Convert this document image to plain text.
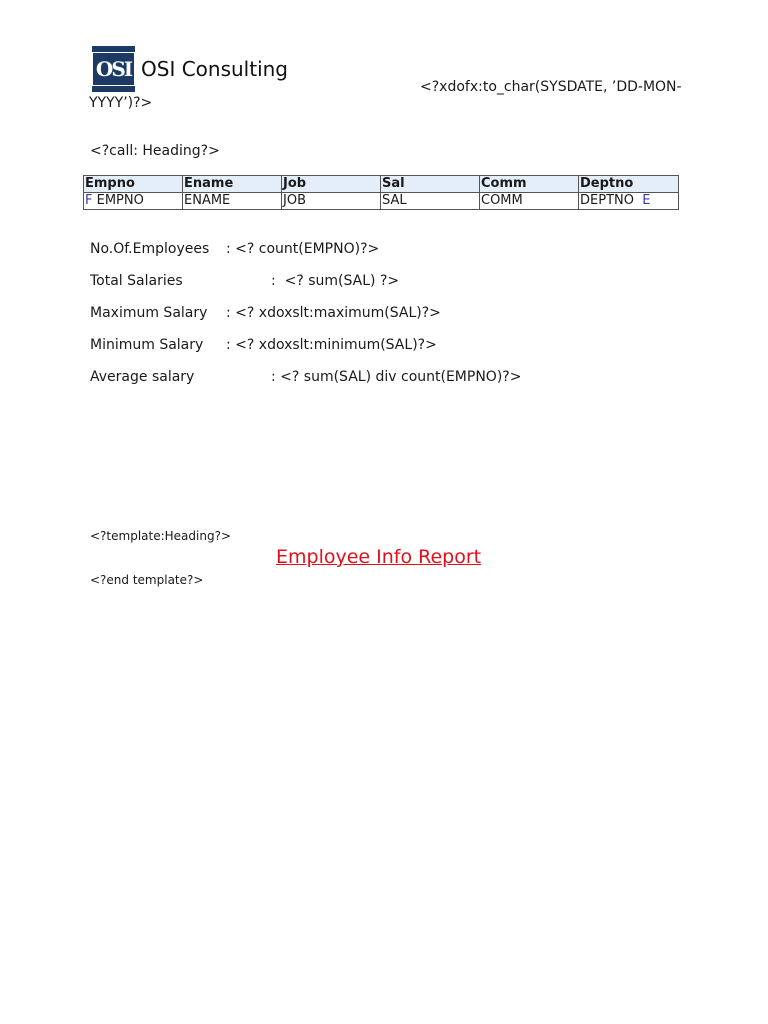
OSI OSI Consulting
<?xdofx:to_char(SYSDATE, ’DD-MON-
YYYY’)?>
<?call: Heading?>
Empno	Ename	Job	Sal	Comm	Deptno
F EMPNO	ENAME	JOB	SAL	COMM	DEPTNO E
No.Of.Employees : <? count(EMPNO)?>
Total Salaries	: <? sum(SAL) ?>
Maximum Salary : <? xdoxslt:maximum(SAL)?>
Minimum Salary : <? xdoxslt:minimum(SAL)?>
Average salary	: <? sum(SAL) div count(EMPNO)?>
<?template:Heading?>
Employee Info Report
<?end template?>
